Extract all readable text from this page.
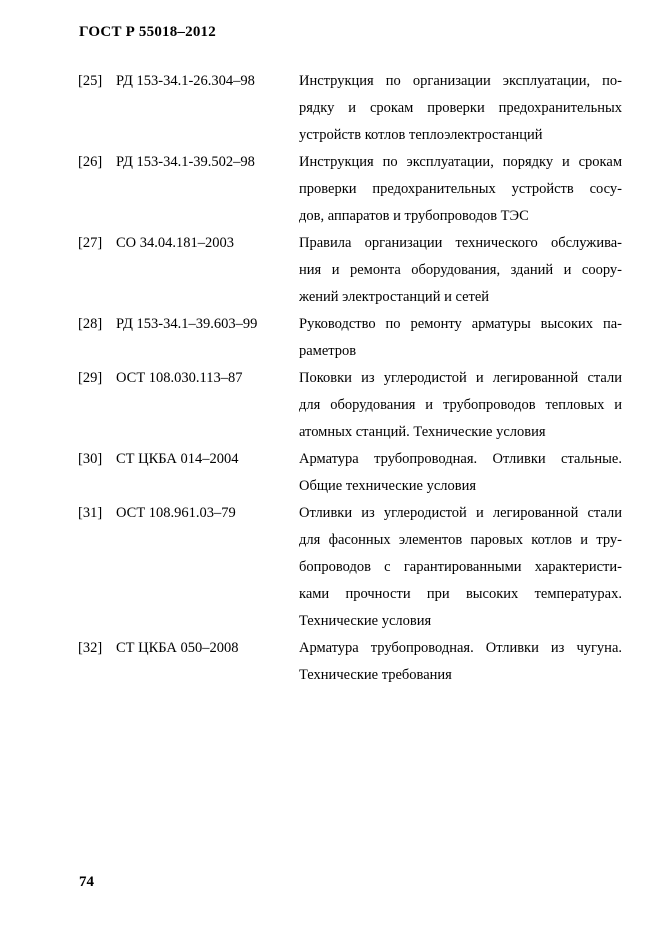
ГОСТ Р 55018–2012
[25] РД 153-34.1-26.304–98	Инструкция по организации эксплуатации, по-
рядку и срокам проверки предохранительных
устройств котлов теплоэлектростанций
[26] РД 153-34.1-39.502–98	Инструкция по эксплуатации, порядку и срокам
проверки предохранительных устройств сосу-
дов, аппаратов и трубопроводов ТЭС
[27] СО 34.04.181–2003	Правила организации технического обслужива-
ния и ремонта оборудования, зданий и соору-
жений электростанций и сетей
[28] РД 153-34.1–39.603–99	Руководство по ремонту арматуры высоких па-
раметров
[29] ОСТ 108.030.113–87	Поковки из углеродистой и легированной стали
для оборудования и трубопроводов тепловых и
атомных станций. Технические условия
[30] СТ ЦКБА 014–2004	Арматура трубопроводная. Отливки стальные.
Общие технические условия
[31] ОСТ 108.961.03–79	Отливки из углеродистой и легированной стали
для фасонных элементов паровых котлов и тру-
бопроводов с гарантированными характеристи-
ками прочности при высоких температурах.
Технические условия
[32] СТ ЦКБА 050–2008	Арматура трубопроводная. Отливки из чугуна.
Технические требования
74
